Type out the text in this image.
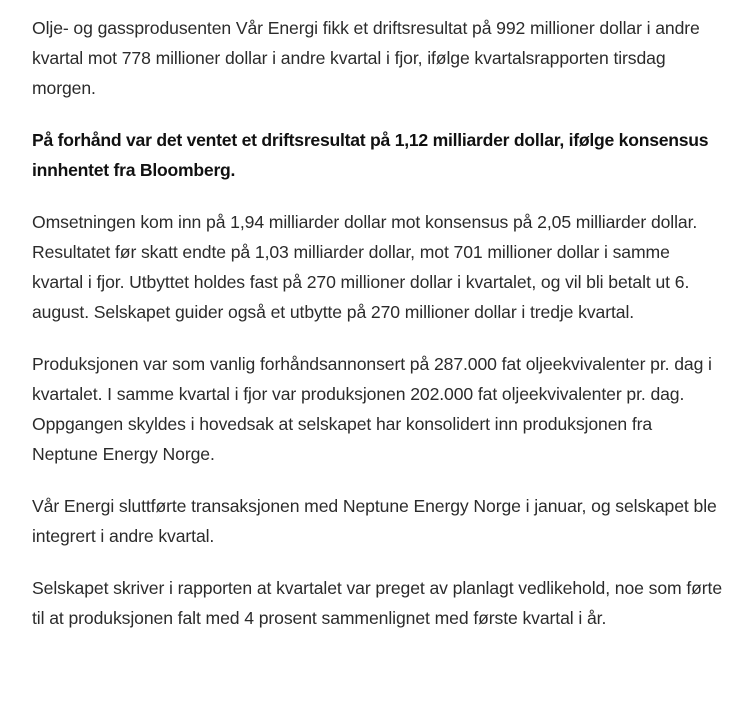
Olje- og gassprodusenten Vår Energi fikk et driftsresultat på 992 millioner dollar i andre kvartal mot 778 millioner dollar i andre kvartal i fjor, ifølge kvartalsrapporten tirsdag morgen.

På forhånd var det ventet et driftsresultat på 1,12 milliarder dollar, ifølge konsensus innhentet fra Bloomberg.

Omsetningen kom inn på 1,94 milliarder dollar mot konsensus på 2,05 milliarder dollar. Resultatet før skatt endte på 1,03 milliarder dollar, mot 701 millioner dollar i samme kvartal i fjor. Utbyttet holdes fast på 270 millioner dollar i kvartalet, og vil bli betalt ut 6. august. Selskapet guider også et utbytte på 270 millioner dollar i tredje kvartal.

Produksjonen var som vanlig forhåndsannonsert på 287.000 fat oljeekvivalenter pr. dag i kvartalet. I samme kvartal i fjor var produksjonen 202.000 fat oljeekvivalenter pr. dag. Oppgangen skyldes i hovedsak at selskapet har konsolidert inn produksjonen fra Neptune Energy Norge.

Vår Energi sluttførte transaksjonen med Neptune Energy Norge i januar, og selskapet ble integrert i andre kvartal.

Selskapet skriver i rapporten at kvartalet var preget av planlagt vedlikehold, noe som førte til at produksjonen falt med 4 prosent sammenlignet med første kvartal i år.
